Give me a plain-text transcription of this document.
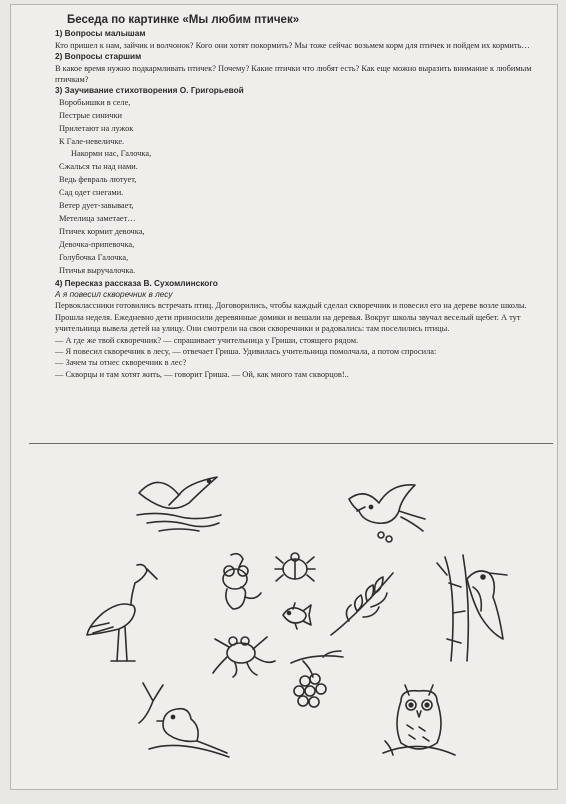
Беседа по картинке «Мы любим птичек»
1) Вопросы малышам

Кто пришел к нам, зайчик и волчонок? Кого они хотят покормить? Мы тоже сейчас возьмем корм для птичек и пойдем их кормить…

2) Вопросы старшим

В какое время нужно подкармливать птичек? Почему? Какие птички что любят есть? Как еще можно выразить внимание к любимым птичкам?

3) Заучивание стихотворения О. Григорьевой
Воробьишки в селе,
Пестрые синички
Прилетают на лужок
К Гале-невеличке.
Накорми нас, Галочка,
Сжалься ты над нами.
Ведь февраль лютует,
Сад одет снегами.
Ветер дует-завывает,
Метелица заметает…
Птичек кормит девочка,
Девочка-припевочка,
Голубочка Галочка,
Птичья выручалочка.
4) Пересказ рассказа В. Сухомлинского
А я повесил скворечник в лесу

Первоклассники готовились встречать птиц. Договорились, чтобы каждый сделал скворечник и повесил его на дереве возле школы.

Прошла неделя. Ежедневно дети приносили деревянные домики и вешали на деревья. Вокруг школы звучал веселый щебет. А тут учительница вывела детей на улицу. Они смотрели на свои скворечники и радовались: там поселились птицы.

— А где же твой скворечник? — спрашивает учительница у Гриши, стоящего рядом.

— Я повесил скворечник в лесу, — отвечает Гриша. Удивилась учительница помолчала, а потом спросила:

— Зачем ты отнес скворечник в лес?

— Скворцы и там хотят жить, — говорит Гриша. — Ой, как много там скворцов!..
